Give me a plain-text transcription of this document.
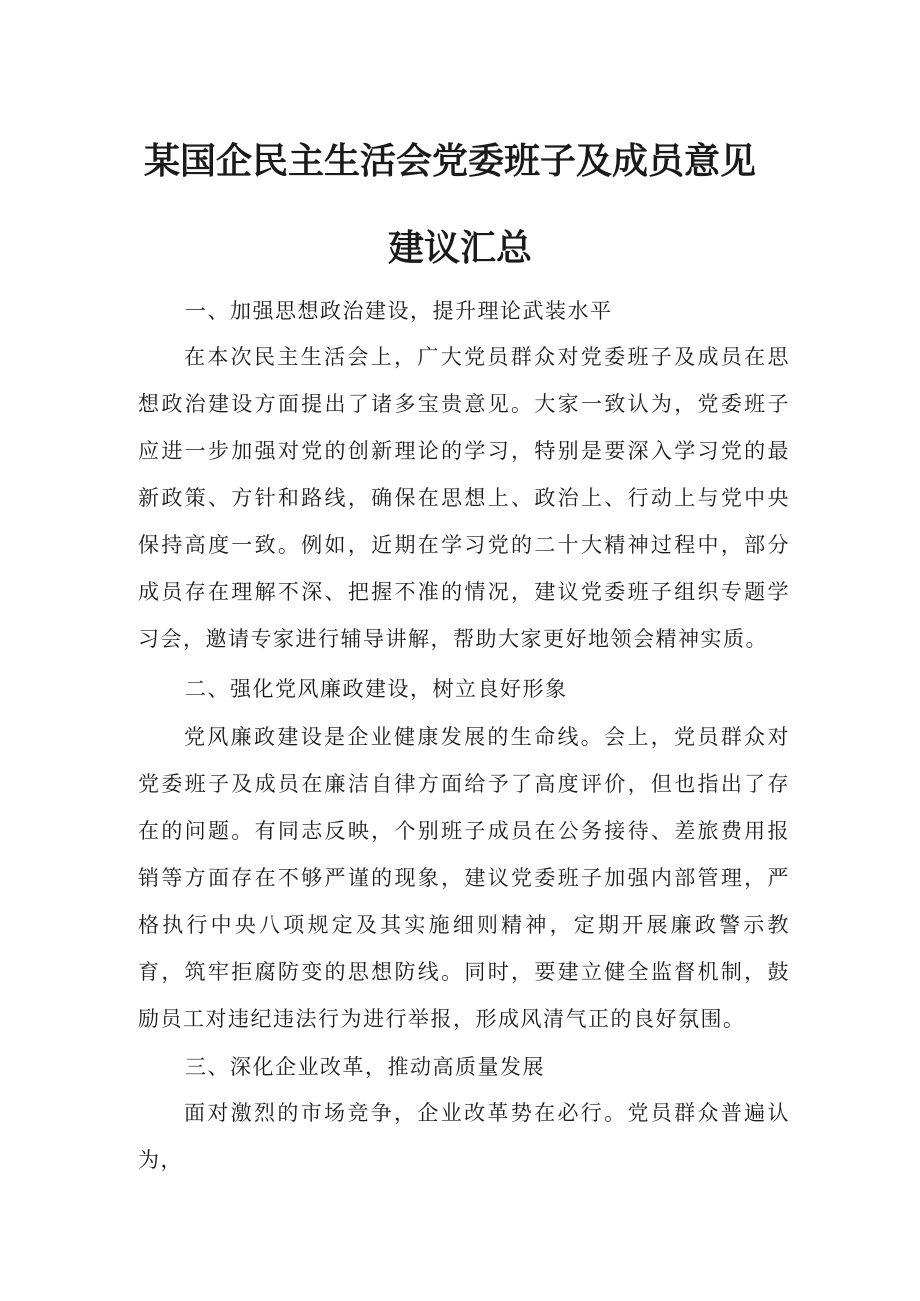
某国企民主生活会党委班子及成员意见
建议汇总

一、加强思想政治建设，提升理论武装水平

在本次民主生活会上，广大党员群众对党委班子及成员在思想政治建设方面提出了诸多宝贵意见。大家一致认为，党委班子应进一步加强对党的创新理论的学习，特别是要深入学习党的最新政策、方针和路线，确保在思想上、政治上、行动上与党中央保持高度一致。例如，近期在学习党的二十大精神过程中，部分成员存在理解不深、把握不准的情况，建议党委班子组织专题学习会，邀请专家进行辅导讲解，帮助大家更好地领会精神实质。

二、强化党风廉政建设，树立良好形象

党风廉政建设是企业健康发展的生命线。会上，党员群众对党委班子及成员在廉洁自律方面给予了高度评价，但也指出了存在的问题。有同志反映，个别班子成员在公务接待、差旅费用报销等方面存在不够严谨的现象，建议党委班子加强内部管理，严格执行中央八项规定及其实施细则精神，定期开展廉政警示教育，筑牢拒腐防变的思想防线。同时，要建立健全监督机制，鼓励员工对违纪违法行为进行举报，形成风清气正的良好氛围。

三、深化企业改革，推动高质量发展

面对激烈的市场竞争，企业改革势在必行。党员群众普遍认为，
